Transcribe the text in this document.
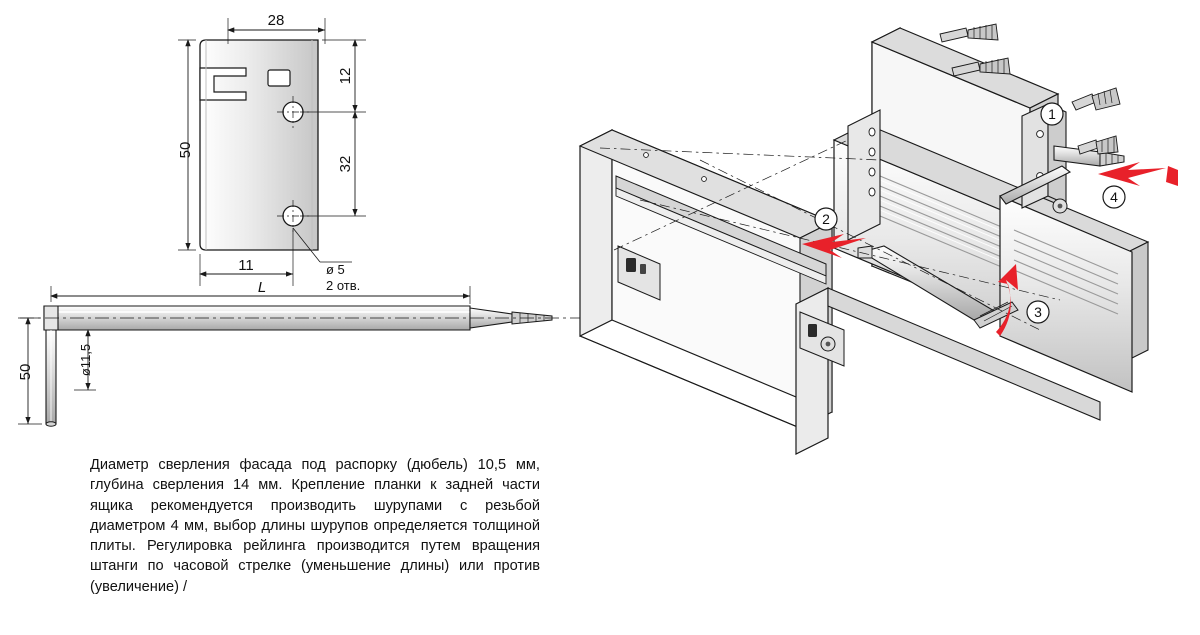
28
50
12
32
11	ø 5
2 отв.
L
50	ø11,5
1
2
3
4
Диаметр сверления фасада под распорку (дюбель) 10,5 мм, глубина сверления 14 мм. Крепление планки к задней части ящика рекомендуется производить шурупами с резьбой диаметром 4 мм, выбор длины шурупов определяется толщиной плиты. Регулировка рейлинга производится путем вращения штанги по часовой стрелке (уменьшение длины) или против (увеличение) /
